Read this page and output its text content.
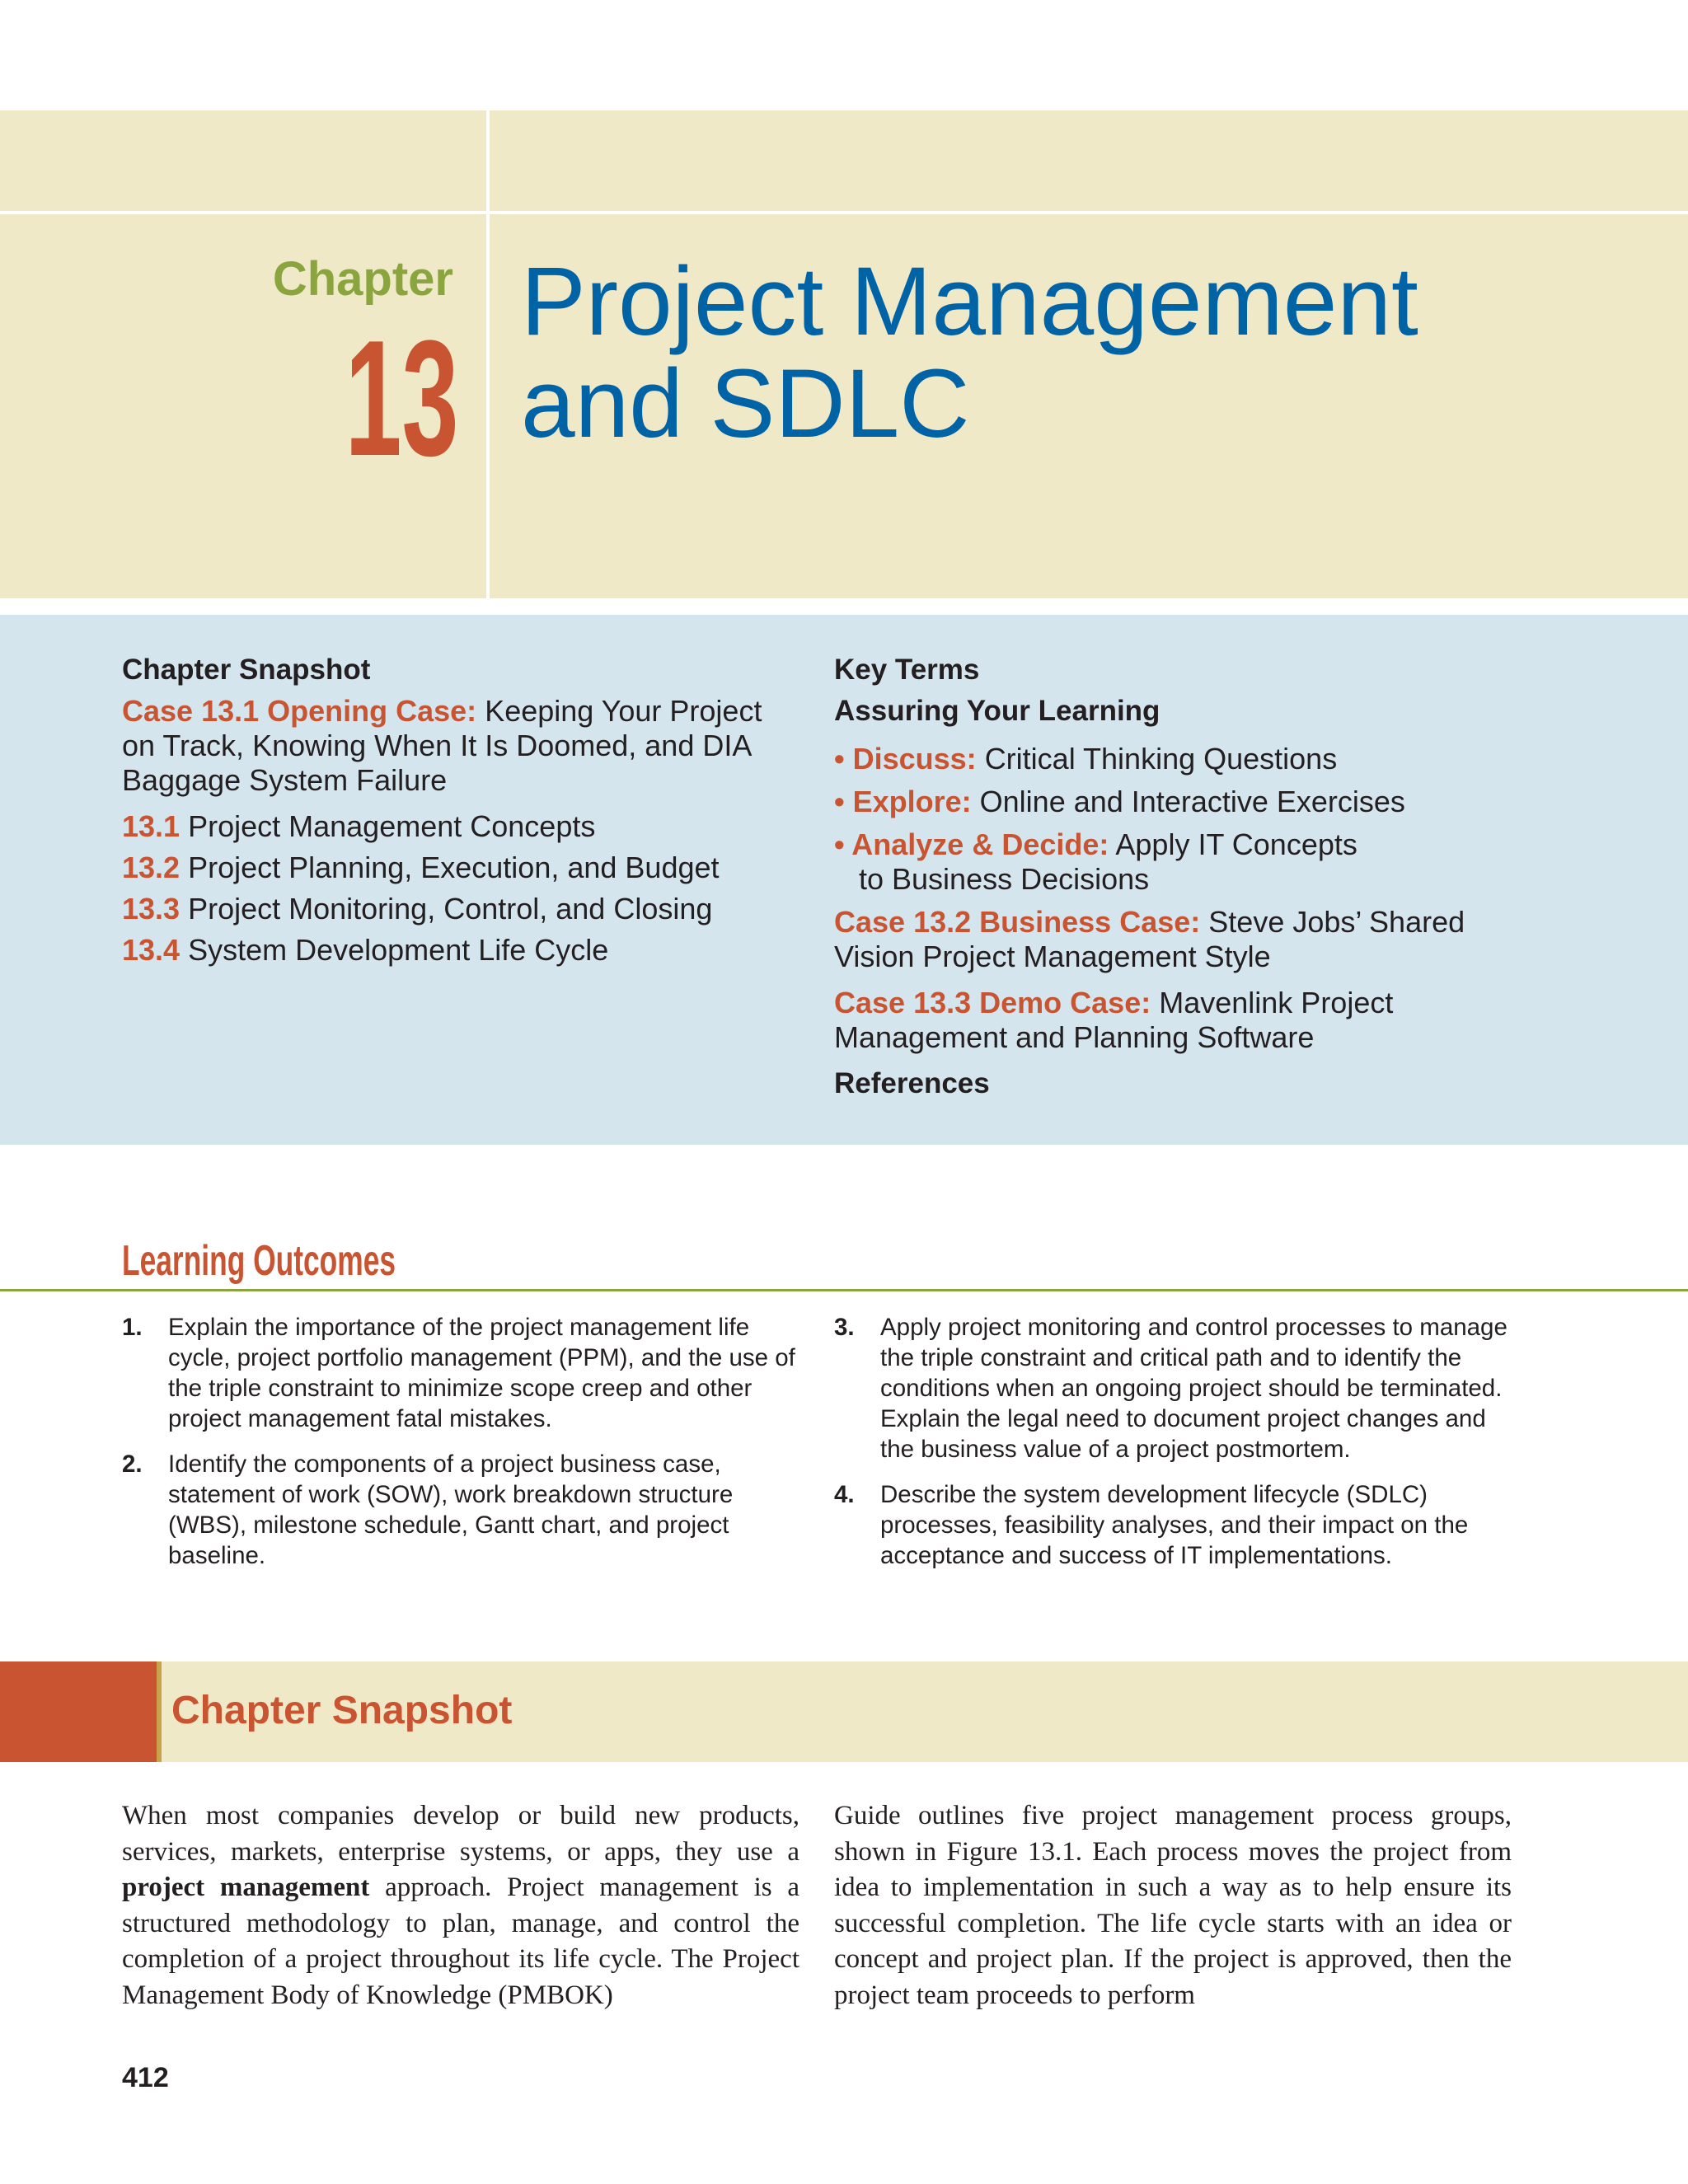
Chapter
13
Project Management
and SDLC
Chapter Snapshot
Case 13.1 Opening Case: Keeping Your Project on Track, Knowing When It Is Doomed, and DIA Baggage System Failure
13.1 Project Management Concepts
13.2 Project Planning, Execution, and Budget
13.3 Project Monitoring, Control, and Closing
13.4 System Development Life Cycle
Key Terms
Assuring Your Learning
• Discuss: Critical Thinking Questions
• Explore: Online and Interactive Exercises
• Analyze & Decide: Apply IT Concepts
to Business Decisions
Case 13.2 Business Case: Steve Jobs’ Shared Vision Project Management Style
Case 13.3 Demo Case: Mavenlink Project Management and Planning Software
References
Learning Outcomes
1.	Explain the importance of the project management life cycle, project portfolio management (PPM), and the use of the triple constraint to minimize scope creep and other project management fatal mistakes.
2.	Identify the components of a project business case, statement of work (SOW), work breakdown structure (WBS), milestone schedule, Gantt chart, and project baseline.
3.	Apply project monitoring and control processes to manage the triple constraint and critical path and to identify the conditions when an ongoing project should be terminated. Explain the legal need to document project changes and the business value of a project postmortem.
4.	Describe the system development lifecycle (SDLC) processes, feasibility analyses, and their impact on the acceptance and success of IT implementations.
Chapter Snapshot
When most companies develop or build new products, services, markets, enterprise systems, or apps, they use a project management approach. Project management is a structured methodology to plan, manage, and control the completion of a project throughout its life cycle. The Project Management Body of Knowledge (PMBOK)
Guide outlines five project management process groups, shown in Figure 13.1. Each process moves the project from idea to implementation in such a way as to help ensure its successful completion. The life cycle starts with an idea or concept and project plan. If the project is approved, then the project team proceeds to perform
412
